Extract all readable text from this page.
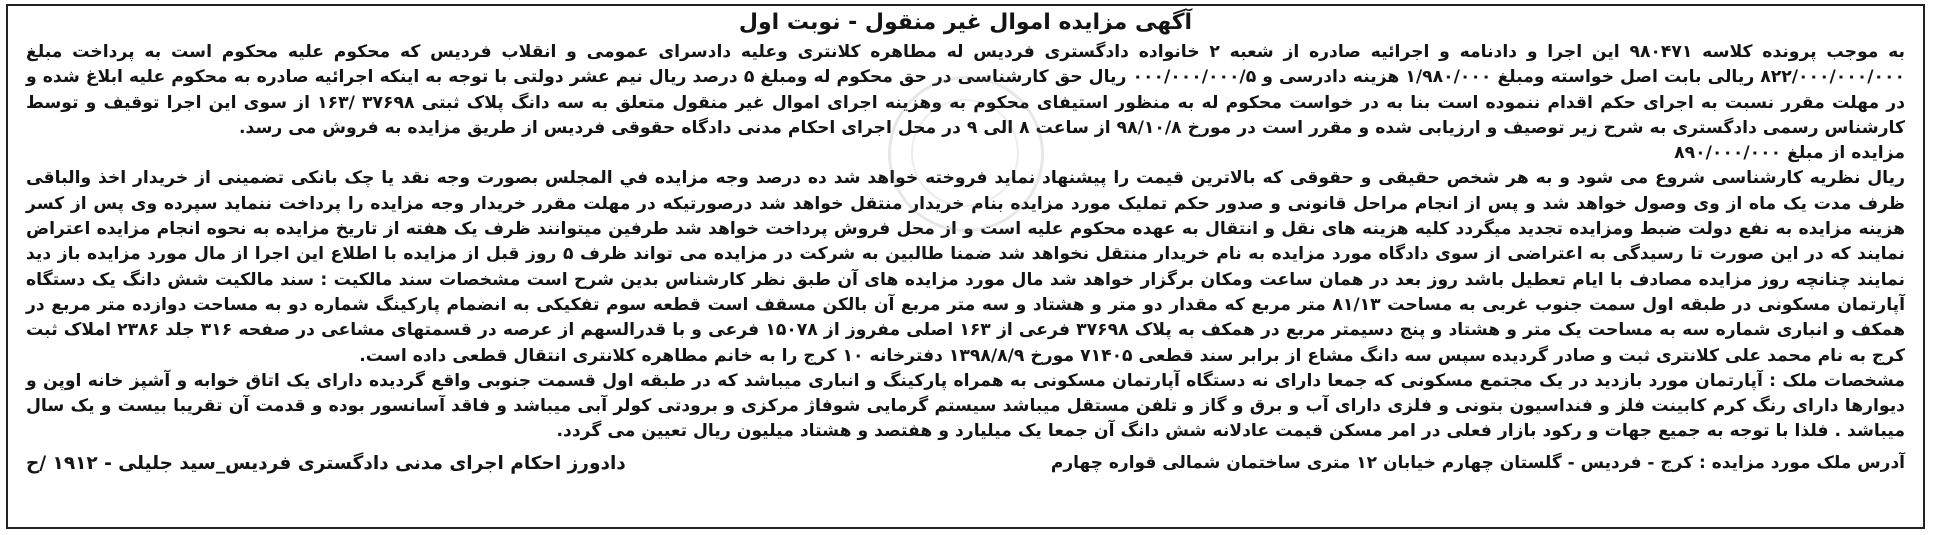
آگهی مزایده اموال غیر منقول - نوبت اول

به موجب پرونده کلاسه ۹۸۰۴۷۱ این اجرا و دادنامه و اجرائیه صادره از شعبه ۲ خانواده دادگستری فردیس له مطاهره کلانتری وعلیه دادسرای عمومی و انقلاب فردیس که محکوم علیه محکوم است به پرداخت مبلغ ۸۲۲/۰۰۰/۰۰۰/۰۰۰ ریالی بابت اصل خواسته ومبلغ ۱/۹۸۰/۰۰۰ هزینه دادرسی و ۰۰۰/۰۰۰/۰۰۰/۵ ریال حق کارشناسی در حق محکوم له ومبلغ ۵ درصد ریال نیم عشر دولتی با توجه به اینکه اجرائیه صادره به محکوم علیه ابلاغ شده و در مهلت مقرر نسبت به اجرای حکم اقدام ننموده است بنا به در خواست محکوم له به منظور استیفای محکوم به وهزینه اجرای اموال غیر منقول متعلق به سه دانگ پلاک ثبتی ۳۷۶۹۸ /۱۶۳ از سوی این اجرا توقیف و توسط کارشناس رسمی دادگستری به شرح زیر توصیف و ارزیابی شده و مقرر است در مورخ ۹۸/۱۰/۸ از ساعت ۸ الی ۹ در محل اجرای احکام مدنی دادگاه حقوقی فردیس از طریق مزایده به فروش می رسد.

مزایده از مبلغ ۸۹۰/۰۰۰/۰۰۰

ریال نظریه کارشناسی شروع می شود و به هر شخص حقیقی و حقوقی که بالاترین قیمت را پیشنهاد نماید فروخته خواهد شد ده درصد وجه مزایده في المجلس بصورت وجه نقد یا چک بانکی تضمینی از خریدار اخذ والباقی ظرف مدت یک ماه از وی وصول خواهد شد و پس از انجام مراحل قانونی و صدور حکم تملیک مورد مزایده بنام خریدار منتقل خواهد شد درصورتیکه در مهلت مقرر خریدار وجه مزایده را پرداخت ننماید سپرده وی پس از کسر هزینه مزایده به نفع دولت ضبط ومزایده تجدید میگردد کلیه هزینه های نقل و انتقال به عهده محکوم علیه است و از محل فروش پرداخت خواهد شد طرفین میتوانند ظرف یک هفته از تاریخ مزایده به نحوه انجام مزایده اعتراض نمایند که در این صورت تا رسیدگی به اعتراضی از سوی دادگاه مورد مزایده به نام خریدار منتقل نخواهد شد ضمنا طالبین به شرکت در مزایده می تواند ظرف ۵ روز قبل از مزایده با اطلاع این اجرا از مال مورد مزایده باز دید نمایند چنانچه روز مزایده مصادف با ایام تعطیل باشد روز بعد در همان ساعت ومکان برگزار خواهد شد مال مورد مزایده های آن طبق نظر کارشناس بدین شرح است مشخصات سند مالکیت : سند مالکیت شش دانگ یک دستگاه آپارتمان مسکونی در طبقه اول سمت جنوب غربی به مساحت ۸۱/۱۳ متر مربع که مقدار دو متر و هشتاد و سه متر مربع آن بالکن مسقف است قطعه سوم تفکیکی به انضمام پارکینگ شماره دو به مساحت دوازده متر مربع در همکف و انباری شماره سه به مساحت یک متر و هشتاد و پنج دسیمتر مربع در همکف به پلاک ۳۷۶۹۸ فرعی از ۱۶۳ اصلی مفروز از ۱۵۰۷۸ فرعی و با قدرالسهم از عرصه در قسمتهای مشاعی در صفحه ۳۱۶ جلد ۲۳۸۶ املاک ثبت کرج به نام محمد علی کلانتری ثبت و صادر گردیده سپس سه دانگ مشاع از برابر سند قطعی ۷۱۴۰۵ مورخ ۱۳۹۸/۸/۹ دفترخانه ۱۰ کرج را به خانم مطاهره کلانتری انتقال قطعی داده است.

مشخصات ملک : آپارتمان مورد بازدید در یک مجتمع مسکونی که جمعا دارای نه دستگاه آپارتمان مسکونی به همراه پارکینگ و انباری میباشد که در طبقه اول قسمت جنوبی واقع گردیده دارای یک اتاق خوابه و آشپز خانه اوپن و دیوارها دارای رنگ کرم کابینت فلز و فنداسیون بتونی و فلزی دارای آب و برق و گاز و تلفن مستقل میباشد سیستم گرمایی شوفاژ مرکزی و برودتی کولر آبی میباشد و فاقد آسانسور بوده و قدمت آن تقریبا بیست و یک سال میباشد . فلذا با توجه به جمیع جهات و رکود بازار فعلی در امر مسکن قیمت عادلانه شش دانگ آن جمعا یک میلیارد و هفتصد و هشتاد میلیون ریال تعیین می گردد.

آدرس ملک مورد مزایده : کرج - فردیس - گلستان چهارم خیابان ۱۲ متری ساختمان شمالی قواره چهارم
دادورز احکام اجرای مدنی دادگستری فردیس_سید جلیلی - ۱۹۱۲ /ح
